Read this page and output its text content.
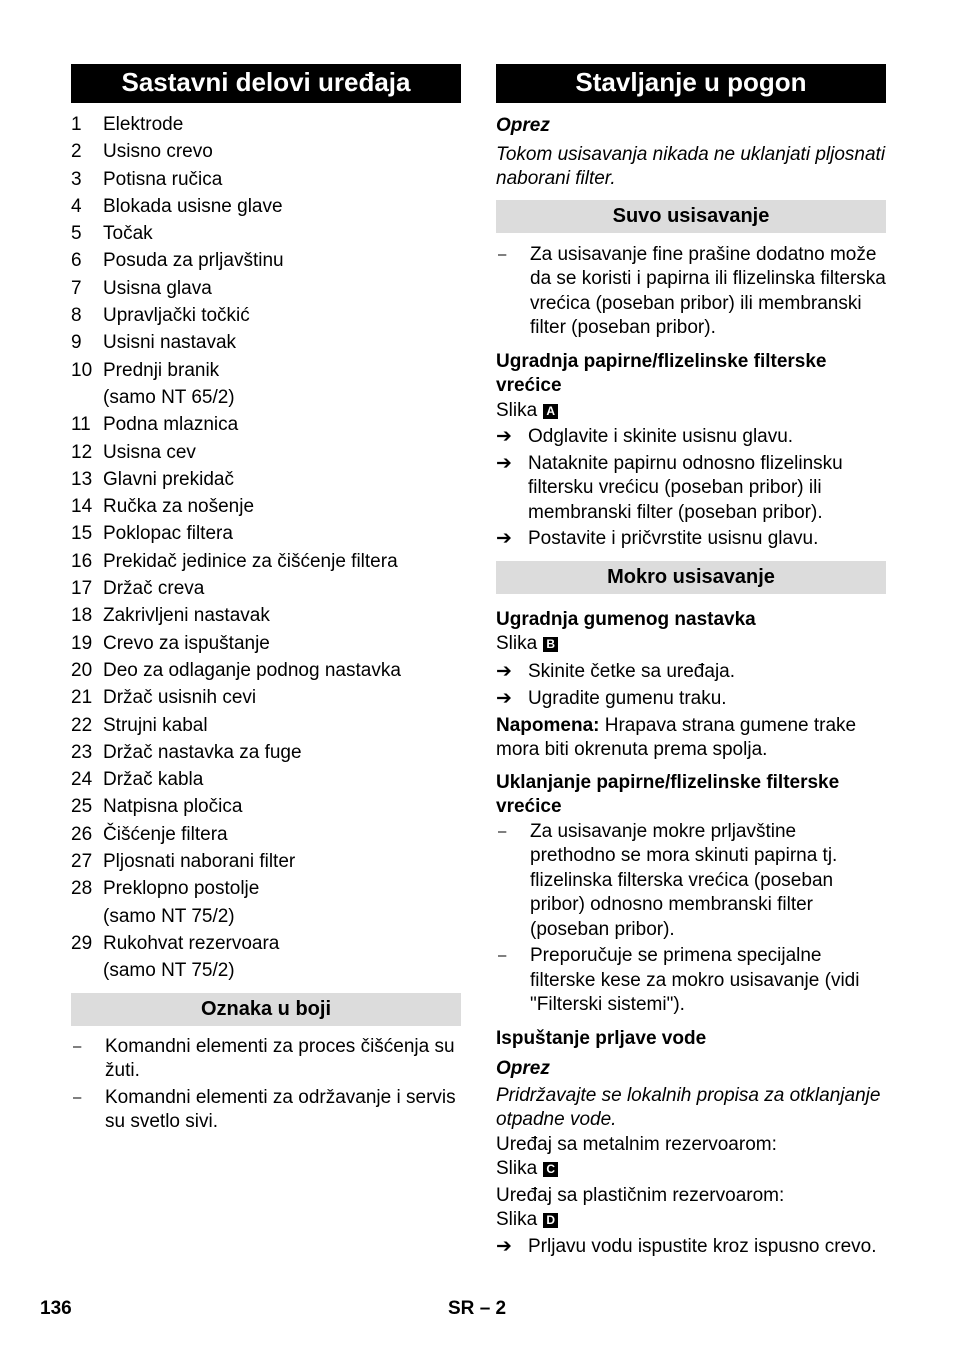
Sastavni delovi uređaja
1	Elektrode
2	Usisno crevo
3	Potisna ručica
4	Blokada usisne glave
5	Točak
6	Posuda za prljavštinu
7	Usisna glava
8	Upravljački točkić
9	Usisni nastavak
10 Prednji branik
(samo NT 65/2)
11 Podna mlaznica
12 Usisna cev
13 Glavni prekidač
14 Ručka za nošenje
15 Poklopac filtera
16 Prekidač jedinice za čišćenje filtera
17 Držač creva
18 Zakrivljeni nastavak
19 Crevo za ispuštanje
20 Deo za odlaganje podnog nastavka
21 Držač usisnih cevi
22 Strujni kabal
23 Držač nastavka za fuge
24 Držač kabla
25 Natpisna pločica
26 Čišćenje filtera
27 Pljosnati naborani filter
28 Preklopno postolje
(samo NT 75/2)
29 Rukohvat rezervoara
(samo NT 75/2)
Oznaka u boji
–	Komandni elementi za proces čišćenja su žuti.
–	Komandni elementi za održavanje i servis su svetlo sivi.
Stavljanje u pogon
Oprez
Tokom usisavanja nikada ne uklanjati pljosnati naborani filter.
Suvo usisavanje
–	Za usisavanje fine prašine dodatno može da se koristi i papirna ili flizelinska filterska vrećica (poseban pribor) ili membranski filter (poseban pribor).
Ugradnja papirne/flizelinske filterske vrećice
Slika A
➔ Odglavite i skinite usisnu glavu.
➔ Nataknite papirnu odnosno flizelinsku filtersku vrećicu (poseban pribor) ili membranski filter (poseban pribor).
➔ Postavite i pričvrstite usisnu glavu.
Mokro usisavanje
Ugradnja gumenog nastavka
Slika B
➔ Skinite četke sa uređaja.
➔ Ugradite gumenu traku.
Napomena: Hrapava strana gumene trake mora biti okrenuta prema spolja.
Uklanjanje papirne/flizelinske filterske vrećice
–	Za usisavanje mokre prljavštine prethodno se mora skinuti papirna tj. flizelinska filterska vrećica (poseban pribor) odnosno membranski filter (poseban pribor).
–	Preporučuje se primena specijalne filterske kese za mokro usisavanje (vidi "Filterski sistemi").
Ispuštanje prljave vode
Oprez
Pridržavajte se lokalnih propisa za otklanjanje otpadne vode.
Uređaj sa metalnim rezervoarom:
Slika C
Uređaj sa plastičnim rezervoarom:
Slika D
➔ Prljavu vodu ispustite kroz ispusno crevo.
136	SR – 2
